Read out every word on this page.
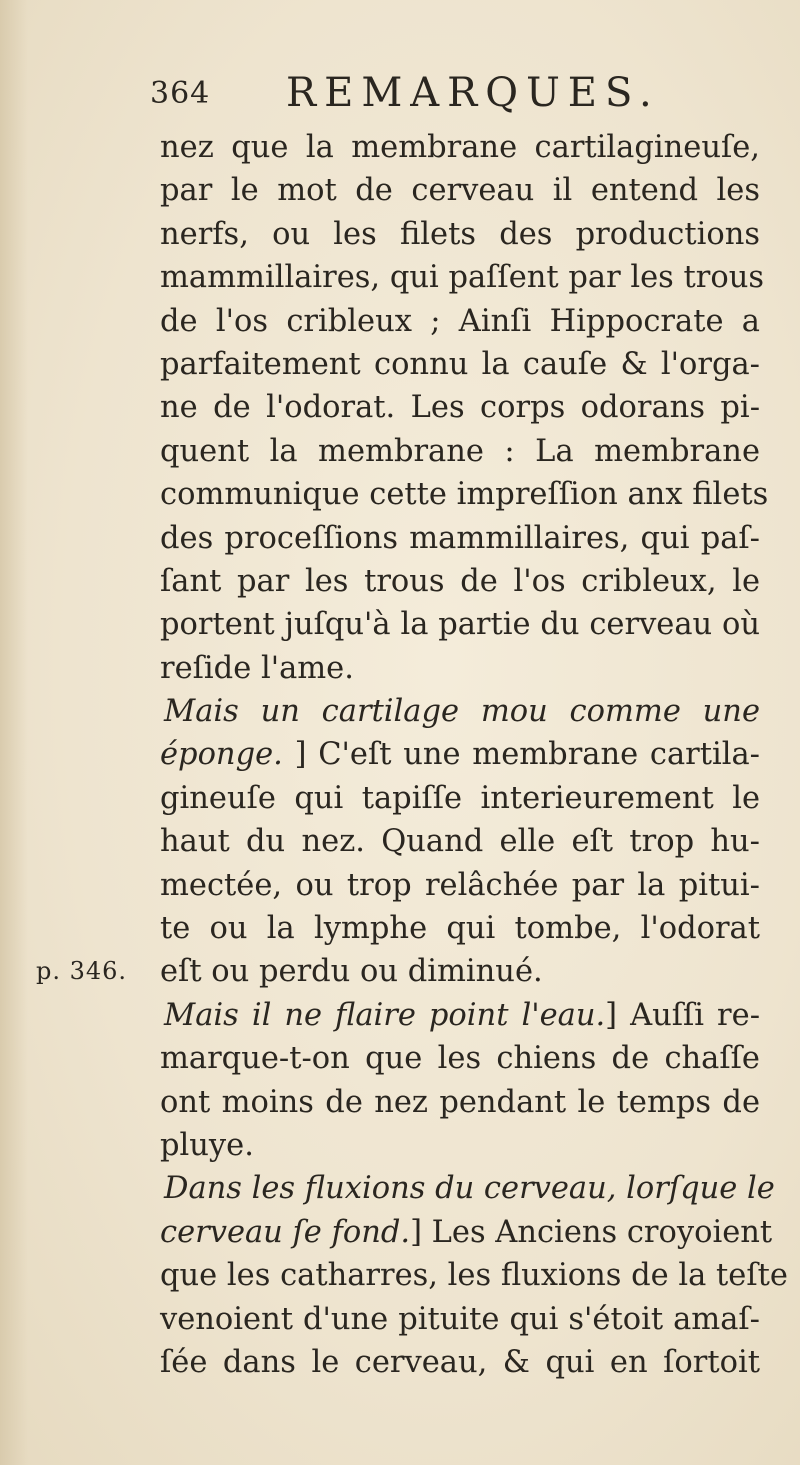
364 REMARQUES.
p. 346.
nez que la membrane cartilagineuſe,
par le mot de cerveau il entend les
nerfs, ou les filets des productions
mammillaires, qui paſſent par les trous
de l'os cribleux ; Ainſi Hippocrate a
parfaitement connu la cauſe & l'orga-
ne de l'odorat. Les corps odorans pi-
quent la membrane : La membrane
communique cette impreſſion anx filets
des proceſſions mammillaires, qui paſ-
ſant par les trous de l'os cribleux, le
portent juſqu'à la partie du cerveau où
reſide l'ame.
Mais un cartilage mou comme une
éponge. ] C'eſt une membrane cartila-
gineuſe qui tapiſſe interieurement le
haut du nez. Quand elle eſt trop hu-
mectée, ou trop relâchée par la pitui-
te ou la lymphe qui tombe, l'odorat
eſt ou perdu ou diminué.
Mais il ne flaire point l'eau.] Auſſi re-
marque-t-on que les chiens de chaſſe
ont moins de nez pendant le temps de
pluye.
Dans les fluxions du cerveau, lorſque le
cerveau ſe fond.] Les Anciens croyoient
que les catharres, les fluxions de la teſte
venoient d'une pituite qui s'étoit amaſ-
ſée dans le cerveau, & qui en ſortoit
